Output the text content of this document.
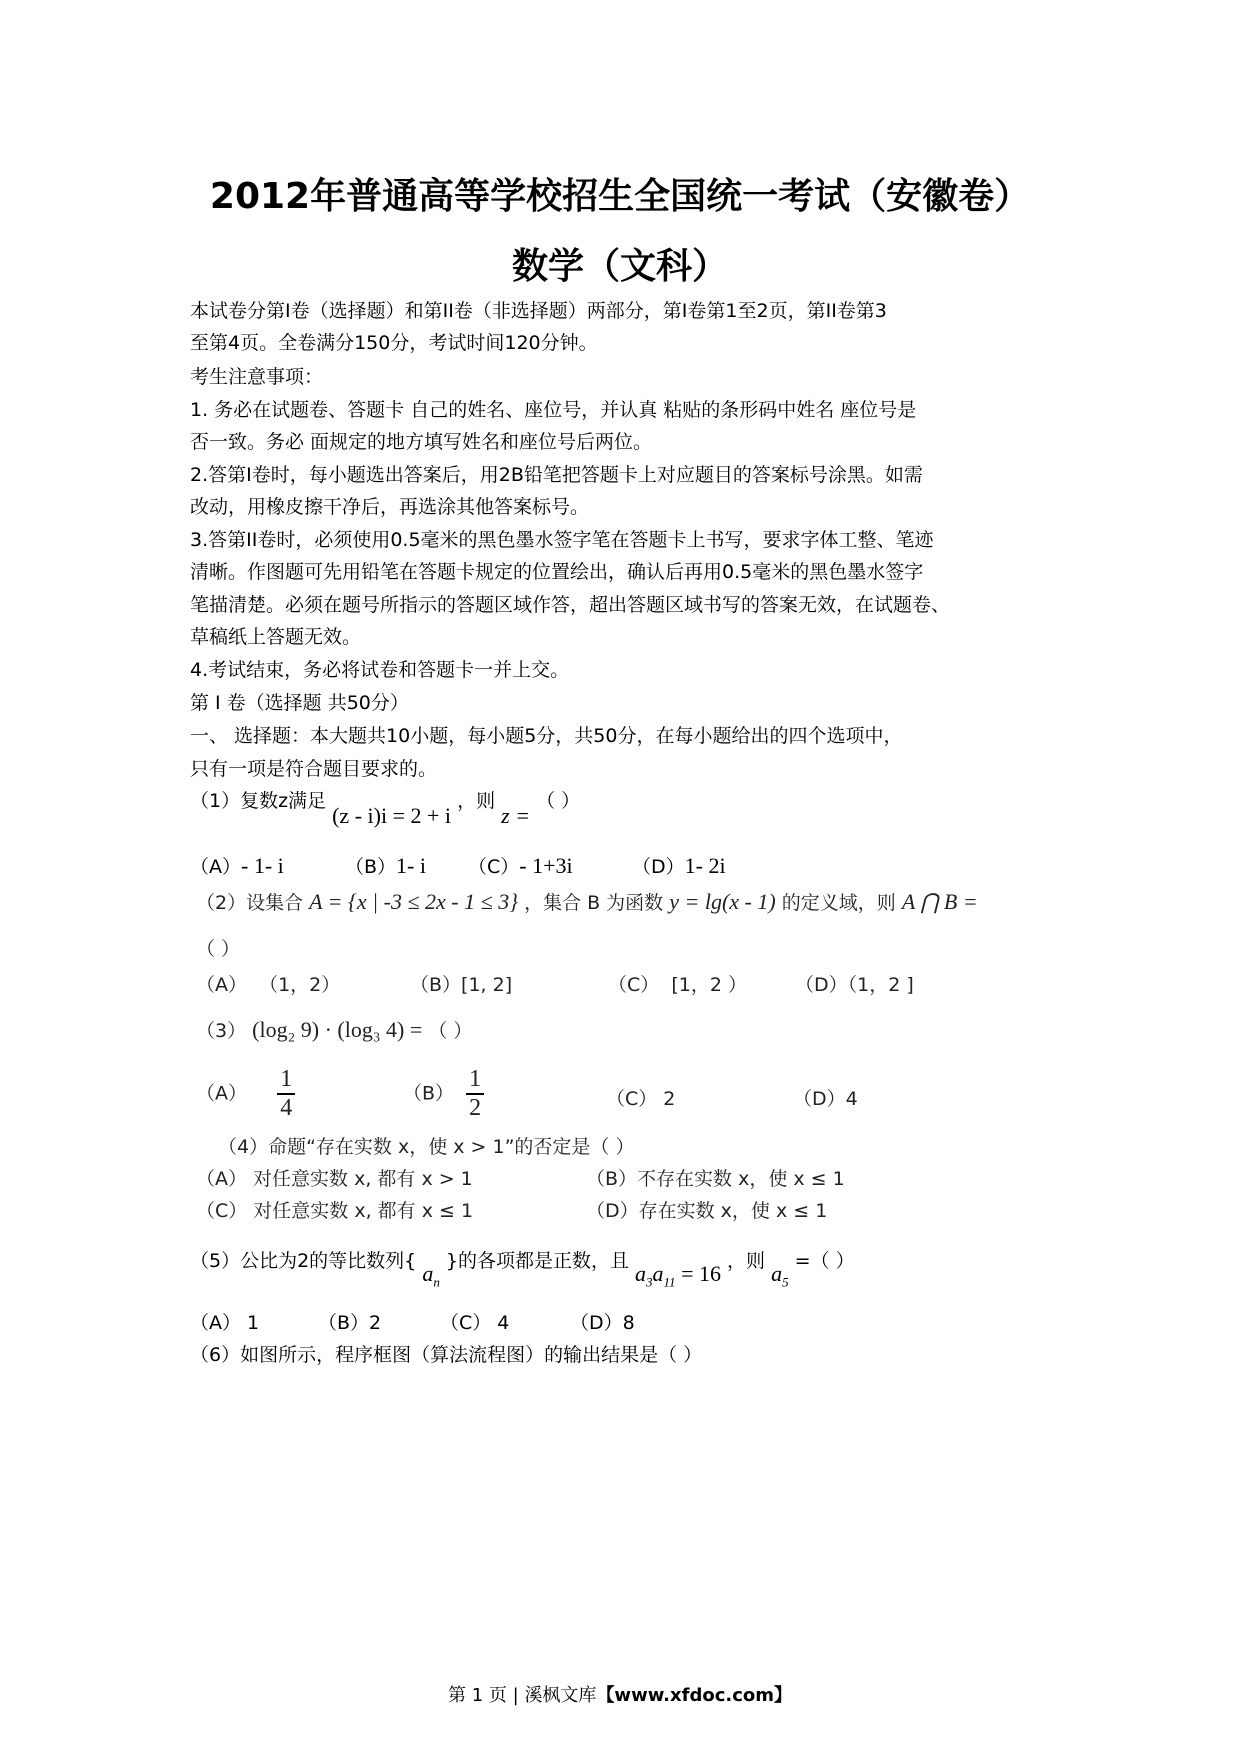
2012年普通高等学校招生全国统一考试（安徽卷）
数学（文科）
本试卷分第I卷（选择题）和第II卷（非选择题）两部分，第I卷第1至2页，第II卷第3
至第4页。全卷满分150分，考试时间120分钟。
考生注意事项：
1. 务必在试题卷、答题卡 自己的姓名、座位号，并认真 粘贴的条形码中姓名 座位号是
否一致。务必 面规定的地方填写姓名和座位号后两位。
2.答第I卷时，每小题选出答案后，用2B铅笔把答题卡上对应题目的答案标号涂黑。如需
改动，用橡皮擦干净后，再选涂其他答案标号。
3.答第II卷时，必须使用0.5毫米的黑色墨水签字笔在答题卡上书写，要求字体工整、笔迹
清晰。作图题可先用铅笔在答题卡规定的位置绘出，确认后再用0.5毫米的黑色墨水签字
笔描清楚。必须在题号所指示的答题区域作答，超出答题区域书写的答案无效，在试题卷、
草稿纸上答题无效。
4.考试结束，务必将试卷和答题卡一并上交。
第 I 卷（选择题 共50分）
一、 选择题：本大题共10小题，每小题5分，共50分，在每小题给出的四个选项中，
只有一项是符合题目要求的。
（1）复数z满足 (z - i)i = 2 + i ，则 z = （ ）
（A）- 1- i	（B）1- i （C）- 1+3i	（D）1- 2i
（2）设集合 A = {x | -3 ≤ 2x - 1 ≤ 3} ，集合 B 为函数 y = lg(x - 1) 的定义域，则 A ⋂ B =
（ ）
（A） （1，2）	（B）[1, 2]	（C） [1，2 ）	（D）（1，2 ]
（3） (log₂ 9) · (log₃ 4) = （ ）
$(A) \frac{1}{4}$	$(B) \frac{1}{2}$	（C） 2	（D）4
（4）命题“存在实数 x，使 x > 1”的否定是（ ）
（A） 对任意实数 x, 都有 x > 1	（B）不存在实数 x，使 x ≤ 1
（C） 对任意实数 x, 都有 x ≤ 1	（D）存在实数 x，使 x ≤ 1
（5）公比为2的等比数列{ $a_n$ }的各项都是正数，且 $a_3a_{11} = 16$ ，则 $a_5$ =（ ）
（A） 1	（B）2	（C） 4	（D）8
（6）如图所示，程序框图（算法流程图）的输出结果是（ ）
第 1 页 | 溪枫文库【www.xfdoc.com】
